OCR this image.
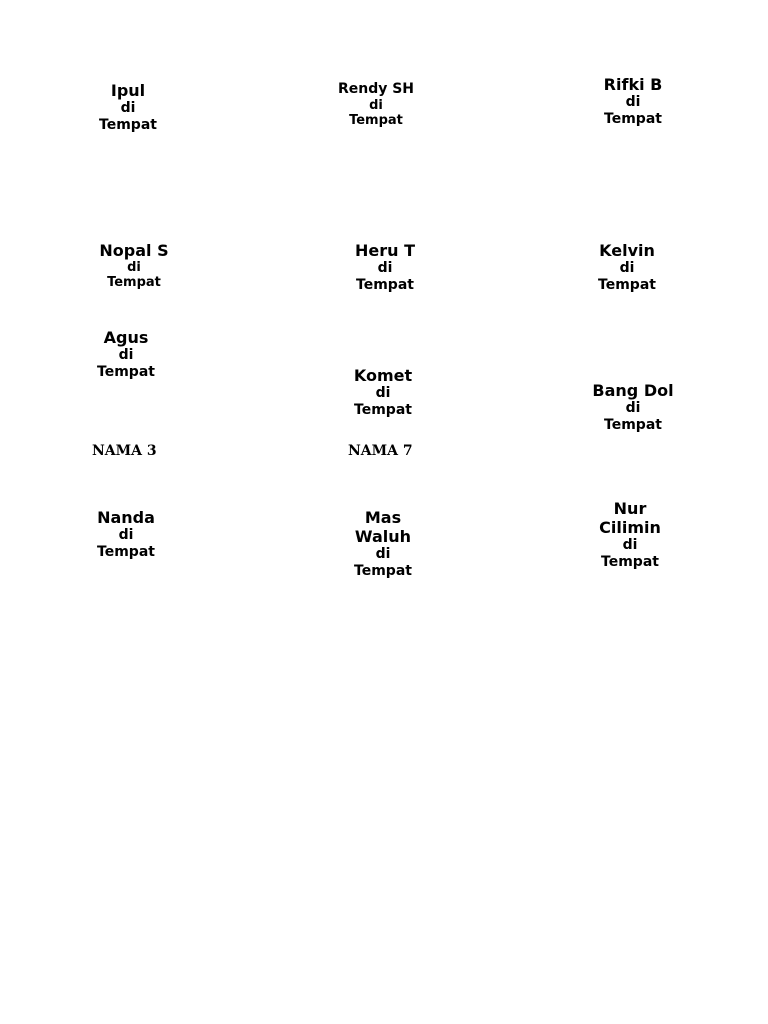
Ipul
di
Tempat
Rendy SH
di
Tempat
Rifki B
di
Tempat
Nopal S
di
Tempat
Heru T
di
Tempat
Kelvin
di
Tempat
Agus
di
Tempat	Komet
di
Tempat
Bang Dol
di
Tempat
NAMA 3	NAMA 7
Nanda
di
Tempat
Mas Waluh
di
Tempat
Nur Cilimin
di
Tempat
